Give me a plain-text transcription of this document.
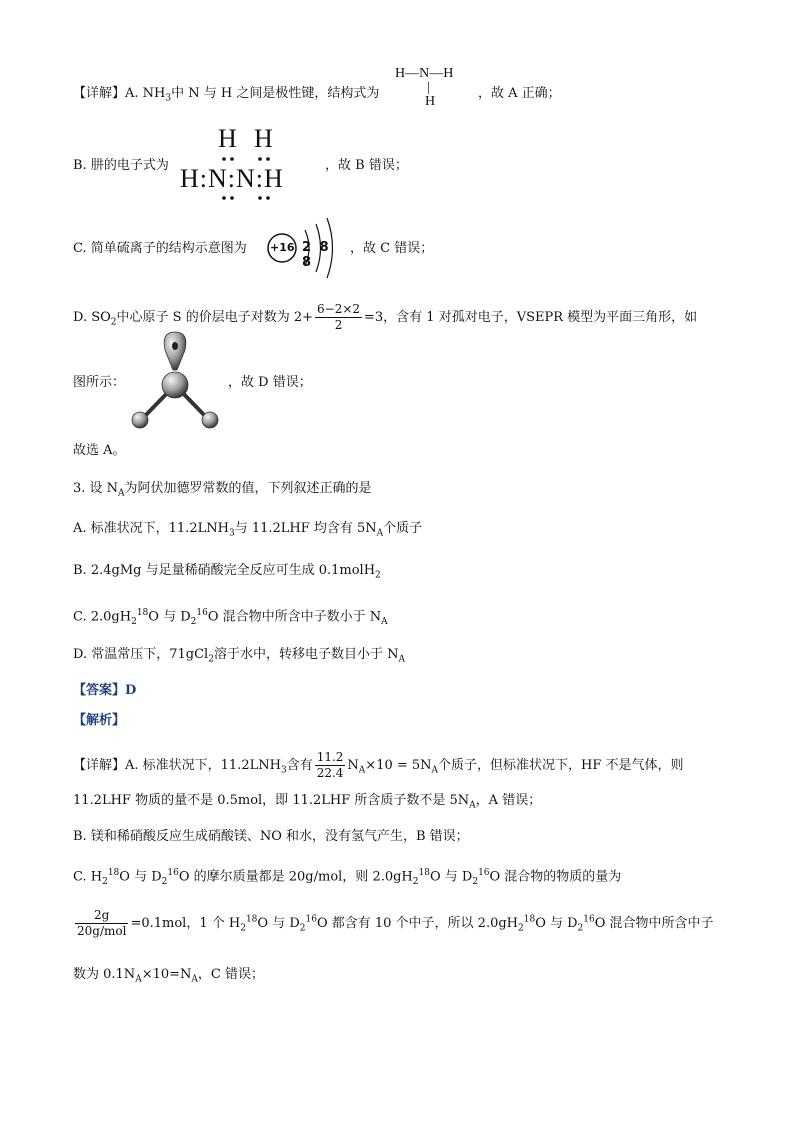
【详解】A. $NH_3$中 N 与 H 之间是极性键，结构式为
H—N—H
|
H
，故 A 正确；
B. 肼的电子式为
H H
H:N:N:H	，故 B 错误；
C. 简单硫离子的结构示意图为 +16 2 8 8
，故 C 错误；
D. $SO_2$中心原子 S 的价层电子对数为 $2+ \frac{6-2\times 2}{2} =3$，含有 1 对孤对电子，VSEPR 模型为平面三角形，如
图所示：	，故 D 错误；
故选 A。
3. 设 $N_A$为阿伏加德罗常数的值，下列叙述正确的是
A. 标准状况下，$11.2LNH_3$与 11.2LHF 均含有 $5N_A$个质子
B. 2.4gMg 与足量稀硝酸完全反应可生成 0.1molH$_2$
C. $2.0gH_2^{18}O$ 与 $D_2^{16}O$ 混合物中所含中子数小于 $N_A$
D. 常温常压下，71gCl$_2$溶于水中，转移电子数目小于 $N_A$
【答案】D
【解析】
【详解】A. 标准状况下，$11.2LNH_3$含有 $\frac{11.2}{22.4} N_A\times 10 = 5N_A$个质子，但标准状况下，HF 不是气体，则
11.2LHF 物质的量不是 0.5mol，即 11.2LHF 所含质子数不是 $5N_A$，A 错误；
B. 镁和稀硝酸反应生成硝酸镁、NO 和水，没有氢气产生，B 错误；
C. $H_2^{18}O$ 与 $D_2^{16}O$ 的摩尔质量都是 20g/mol，则 $2.0gH_2^{18}O$ 与 $D_2^{16}O$ 混合物的物质的量为
$\frac{2g}{\text{20g/mol}} =0.1mol$，1 个 $H_2^{18}O$ 与 $D_2^{16}O$ 都含有 10 个中子，所以 $2.0gH_2^{18}O$ 与 $D_2^{16}O$ 混合物中所含中子
数为 $0.1N_A\times 10=N_A$，C 错误；
